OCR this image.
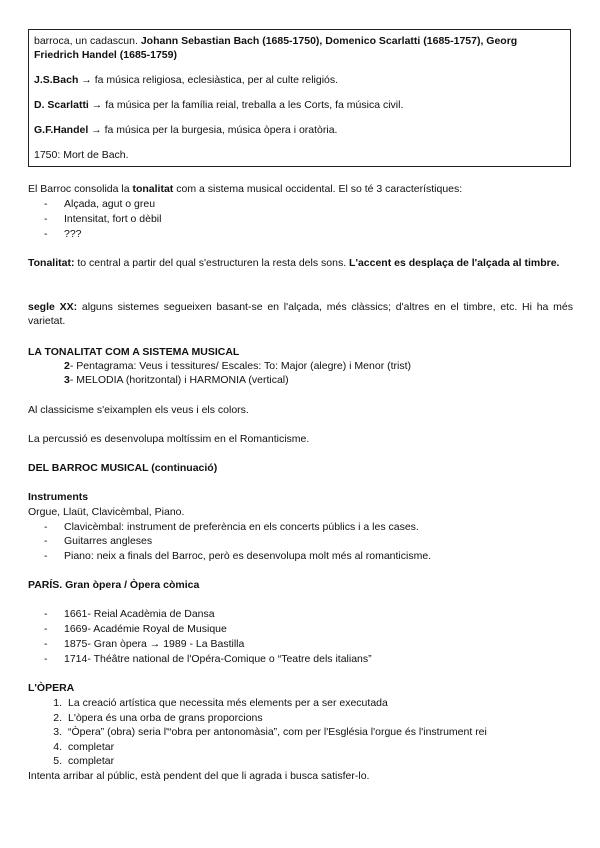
barroca, un cadascun. Johann Sebastian Bach (1685-1750), Domenico Scarlatti (1685-1757), Georg Friedrich Handel (1685-1759)

J.S.Bach → fa música religiosa, eclesiàstica, per al culte religiós.

D. Scarlatti → fa música per la família reial, treballa a les Corts, fa música civil.

G.F.Handel → fa música per la burgesia, música òpera i oratòria.

1750: Mort de Bach.

El Barroc consolida la tonalitat com a sistema musical occidental. El so té 3 característiques:
- Alçada, agut o greu
- Intensitat, fort o dèbil
- ???
Tonalitat: to central a partir del qual s'estructuren la resta dels sons. L'accent es desplaça de l'alçada al timbre.
segle XX: alguns sistemes segueixen basant-se en l'alçada, més clàssics; d'altres en el timbre, etc. Hi ha més varietat.
LA TONALITAT COM A SISTEMA MUSICAL
2- Pentagrama: Veus i tessitures/ Escales: To: Major (alegre) i Menor (trist)
3- MELODIA (horitzontal) i HARMONIA (vertical)
Al classicisme s'eixamplen els veus i els colors.
La percussió es desenvolupa moltíssim en el Romanticisme.
DEL BARROC MUSICAL (continuació)
Instruments
Orgue, Llaüt, Clavicèmbal, Piano.
- Clavicèmbal: instrument de preferència en els concerts públics i a les cases.
- Guitarres angleses
- Piano: neix a finals del Barroc, però es desenvolupa molt més al romanticisme.
PARÍS. Gran òpera / Òpera còmica
- 1661- Reial Acadèmia de Dansa
- 1669- Académie Royal de Musique
- 1875- Gran òpera → 1989 - La Bastilla
- 1714- Théâtre national de l'Opéra-Comique o “Teatre dels italians”
L'ÒPERA
1. La creació artística que necessita més elements per a ser executada
2. L'òpera és una orba de grans proporcions
3. “Òpera” (obra) seria l'“obra per antonomàsia”, com per l'Església l'orgue és l'instrument rei
4. completar
5. completar
Intenta arribar al públic, està pendent del que li agrada i busca satisfer-lo.
